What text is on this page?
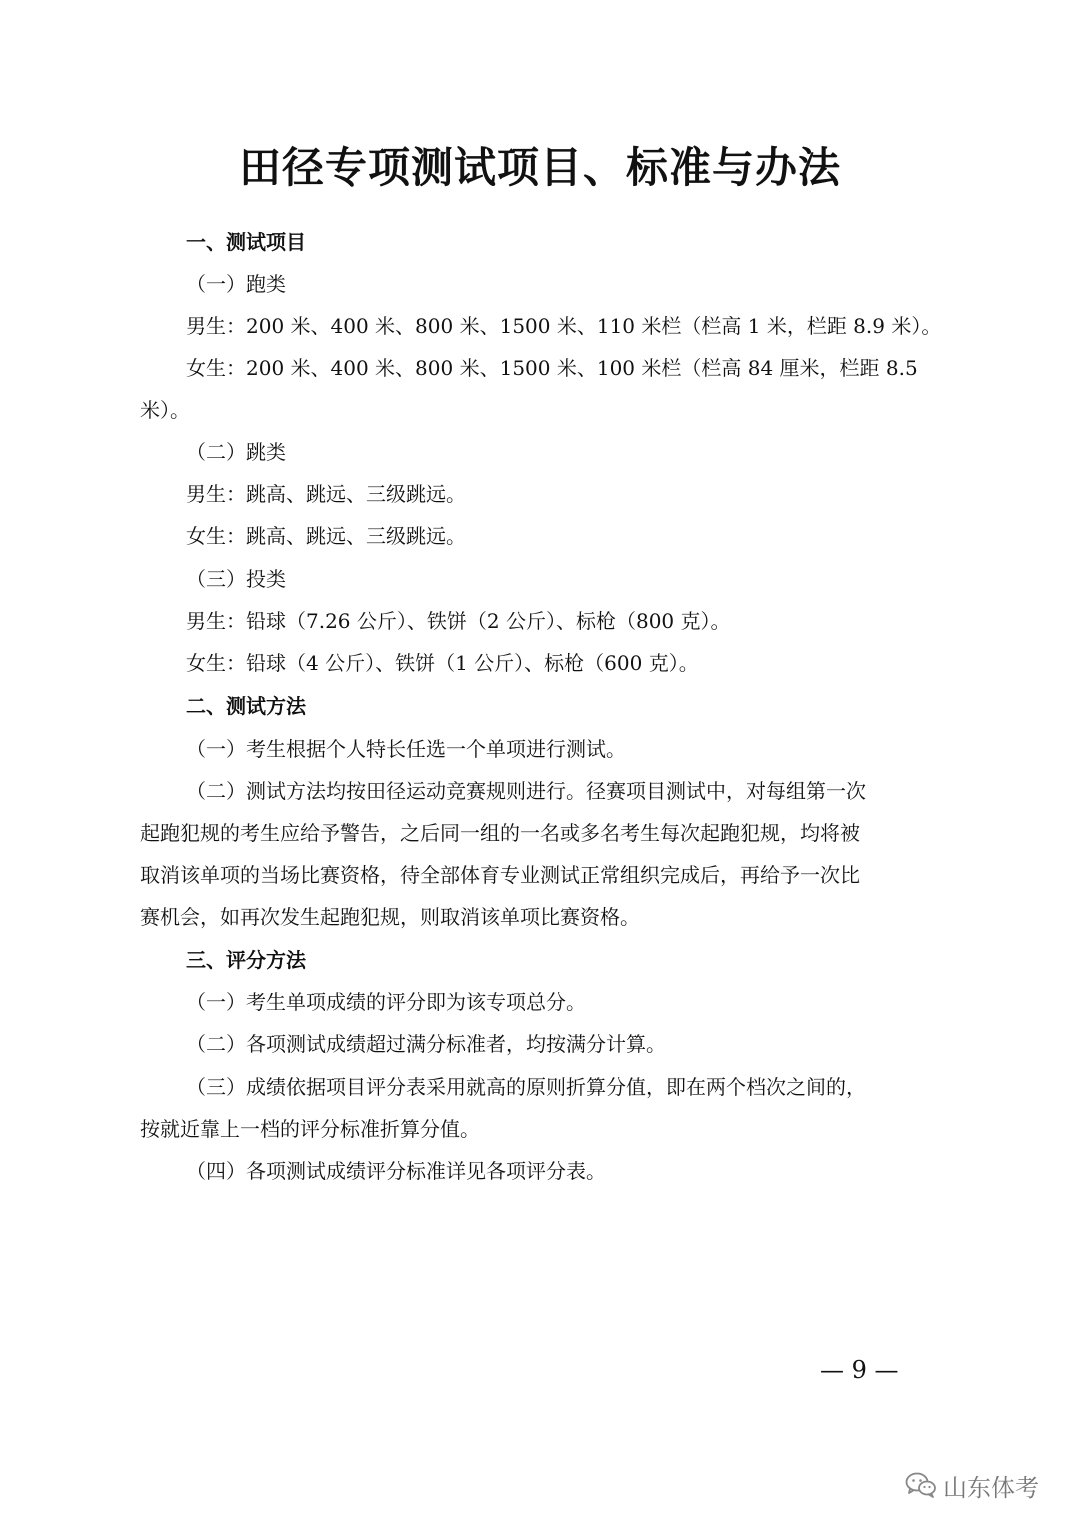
田径专项测试项目、标准与办法
一、测试项目
（一）跑类
男生：200 米、400 米、800 米、1500 米、110 米栏（栏高 1 米，栏距 8.9 米）。
女生：200 米、400 米、800 米、1500 米、100 米栏（栏高 84 厘米，栏距 8.5
米）。
（二）跳类
男生：跳高、跳远、三级跳远。
女生：跳高、跳远、三级跳远。
（三）投类
男生：铅球（7.26 公斤）、铁饼（2 公斤）、标枪（800 克）。
女生：铅球（4 公斤）、铁饼（1 公斤）、标枪（600 克）。
二、测试方法
（一）考生根据个人特长任选一个单项进行测试。
（二）测试方法均按田径运动竞赛规则进行。径赛项目测试中，对每组第一次
起跑犯规的考生应给予警告，之后同一组的一名或多名考生每次起跑犯规，均将被
取消该单项的当场比赛资格，待全部体育专业测试正常组织完成后，再给予一次比
赛机会，如再次发生起跑犯规，则取消该单项比赛资格。
三、评分方法
（一）考生单项成绩的评分即为该专项总分。
（二）各项测试成绩超过满分标准者，均按满分计算。
（三）成绩依据项目评分表采用就高的原则折算分值，即在两个档次之间的，
按就近靠上一档的评分标准折算分值。
（四）各项测试成绩评分标准详见各项评分表。
— 9 —
山东体考
